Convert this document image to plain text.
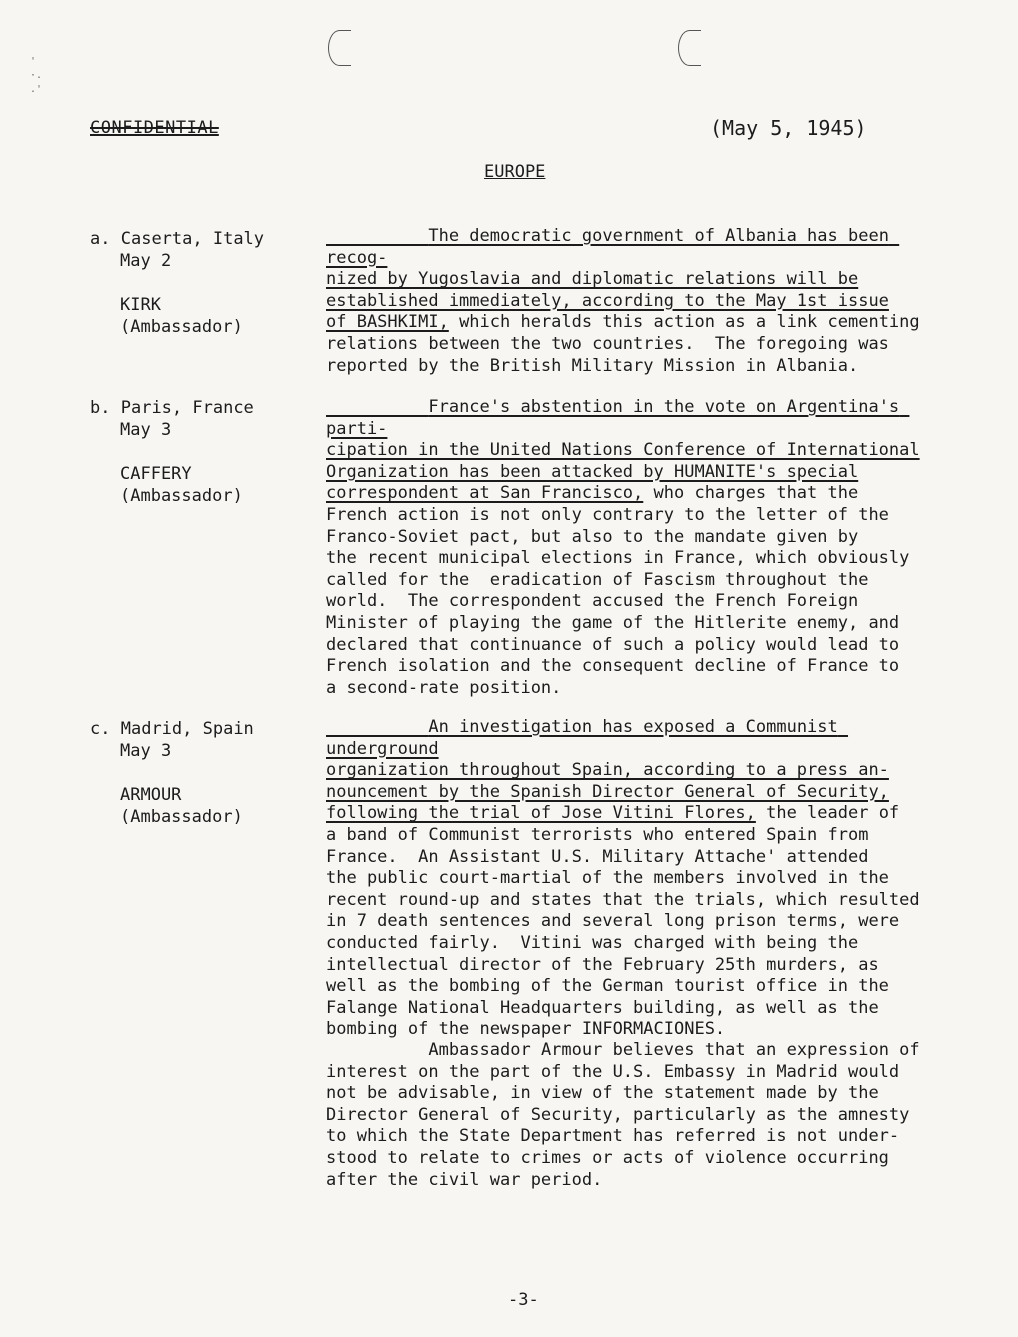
'
·.
.'
CONFIDENTIAL	(May 5, 1945)
EUROPE
a. Caserta, Italy
May 2
KIRK
(Ambassador)
The democratic government of Albania has been recog-
nized by Yugoslavia and diplomatic relations will be
established immediately, according to the May 1st issue
of BASHKIMI, which heralds this action as a link cementing
relations between the two countries.  The foregoing was
reported by the British Military Mission in Albania.
b. Paris, France
May 3
CAFFERY
(Ambassador)
France's abstention in the vote on Argentina's parti-
cipation in the United Nations Conference of International
Organization has been attacked by HUMANITE's special
correspondent at San Francisco, who charges that the
French action is not only contrary to the letter of the
Franco-Soviet pact, but also to the mandate given by
the recent municipal elections in France, which obviously
called for the  eradication of Fascism throughout the
world.  The correspondent accused the French Foreign
Minister of playing the game of the Hitlerite enemy, and
declared that continuance of such a policy would lead to
French isolation and the consequent decline of France to
a second-rate position.
c. Madrid, Spain
May 3
ARMOUR
(Ambassador)
An investigation has exposed a Communist underground
organization throughout Spain, according to a press an-
nouncement by the Spanish Director General of Security,
following the trial of Jose Vitini Flores, the leader of
a band of Communist terrorists who entered Spain from
France.  An Assistant U.S. Military Attache' attended
the public court-martial of the members involved in the
recent round-up and states that the trials, which resulted
in 7 death sentences and several long prison terms, were
conducted fairly.  Vitini was charged with being the
intellectual director of the February 25th murders, as
well as the bombing of the German tourist office in the
Falange National Headquarters building, as well as the
bombing of the newspaper INFORMACIONES.
Ambassador Armour believes that an expression of
interest on the part of the U.S. Embassy in Madrid would
not be advisable, in view of the statement made by the
Director General of Security, particularly as the amnesty
to which the State Department has referred is not under-
stood to relate to crimes or acts of violence occurring
after the civil war period.
-3-
